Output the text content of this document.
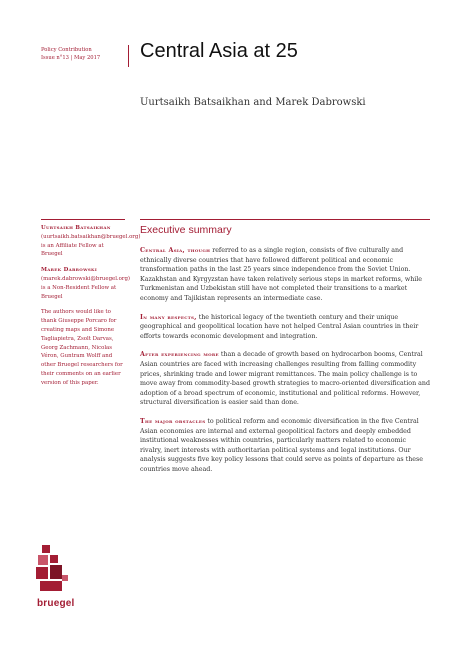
Policy Contribution
Issue n°13 | May 2017	Central Asia at 25
Uurtsaikh Batsaikhan and Marek Dabrowski
Uurtsaikh Batsaikhan
(uurtsaikh.batsaikhan@bruegel.org) is an Affiliate Fellow at Bruegel
Marek Dabrowski
(marek.dabrowski@bruegel.org) is a Non-Resident Fellow at Bruegel
The authors would like to thank Giuseppe Porcaro for creating maps and Simone Tagliapietra, Zsolt Darvas, Georg Zachmann, Nicolas Véron, Guntram Wolff and other Bruegel researchers for their comments on an earlier version of this paper.
Executive summary

Central Asia, though referred to as a single region, consists of five culturally and ethnically diverse countries that have followed different political and economic transformation paths in the last 25 years since independence from the Soviet Union. Kazakhstan and Kyrgyzstan have taken relatively serious steps in market reforms, while Turkmenistan and Uzbekistan still have not completed their transitions to a market economy and Tajikistan represents an intermediate case.

In many respects, the historical legacy of the twentieth century and their unique geographical and geopolitical location have not helped Central Asian countries in their efforts towards economic development and integration.

After experiencing more than a decade of growth based on hydrocarbon booms, Central Asian countries are faced with increasing challenges resulting from falling commodity prices, shrinking trade and lower migrant remittances. The main policy challenge is to move away from commodity-based growth strategies to macro-oriented diversification and adoption of a broad spectrum of economic, institutional and political reforms. However, structural diversification is easier said than done.

The major obstacles to political reform and economic diversification in the five Central Asian economies are internal and external geopolitical factors and deeply embedded institutional weaknesses within countries, particularly matters related to economic rivalry, inert interests with authoritarian political systems and legal institutions. Our analysis suggests five key policy lessons that could serve as points of departure as these countries move ahead.

bruegel
